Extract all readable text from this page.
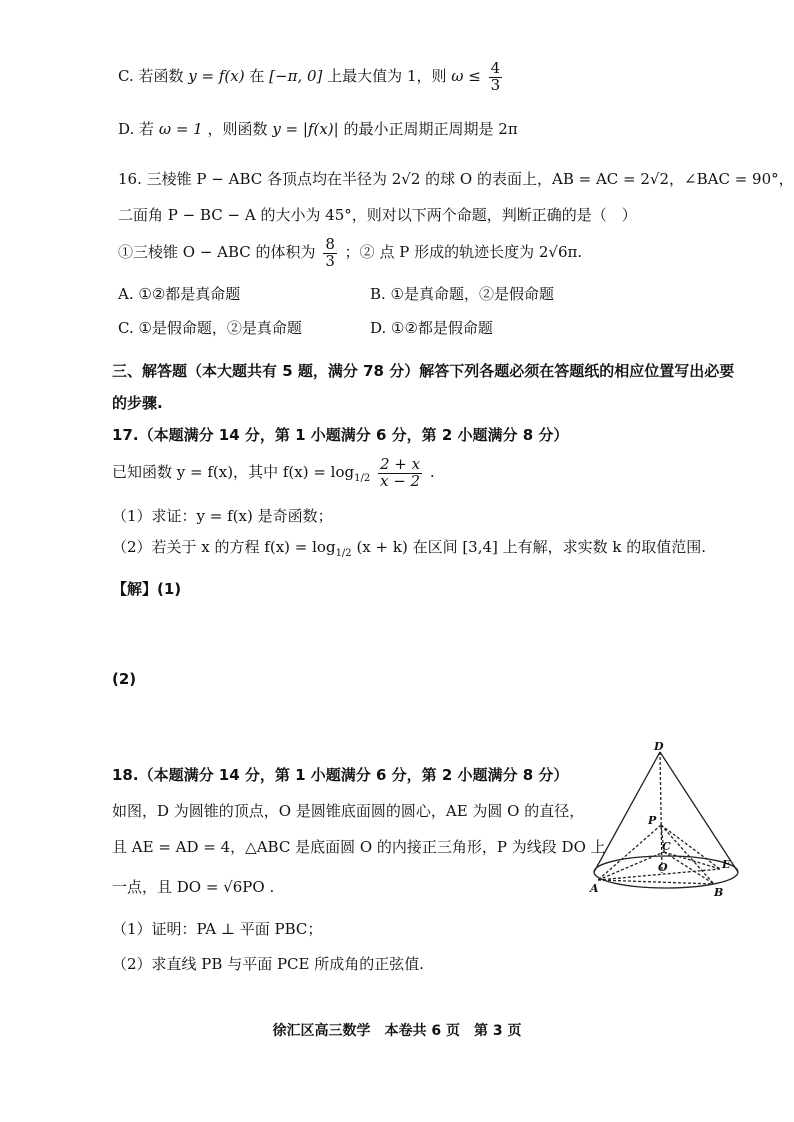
C. 若函数 y = f(x) 在 [−π, 0] 上最大值为 1，则 $\omega \le \frac{4}{3}$
D. 若 ω = 1 ，则函数 y = |f(x)| 的最小正周期正周期是 2π
16. 三棱锥 P − ABC 各顶点均在半径为 2√2 的球 O 的表面上，AB = AC = 2√2，∠BAC = 90°，
二面角 P − BC − A 的大小为 45°，则对以下两个命题，判断正确的是（　）
①三棱锥 O − ABC 的体积为 $\frac{8}{3}$ ；② 点 P 形成的轨迹长度为 2√6π.
A. ①②都是真命题	B. ①是真命题，②是假命题
C. ①是假命题，②是真命题	D. ①②都是假命题
三、解答题（本大题共有 5 题，满分 78 分）解答下列各题必须在答题纸的相应位置写出必要
的步骤.
17.（本题满分 14 分，第 1 小题满分 6 分，第 2 小题满分 8 分）
已知函数 y = f(x)，其中 $f(x) = \log_{1/2} \frac{2 + x}{x - 2}$ .
（1）求证：y = f(x) 是奇函数；
（2）若关于 x 的方程 $f(x) = \log_{1/2} (x + k)$ 在区间 [3,4] 上有解，求实数 k 的取值范围.
【解】(1)
(2)
18.（本题满分 14 分，第 1 小题满分 6 分，第 2 小题满分 8 分）
如图，D 为圆锥的顶点，O 是圆锥底面圆的圆心，AE 为圆 O 的直径，
且 AE = AD = 4，△ABC 是底面圆 O 的内接正三角形，P 为线段 DO 上
一点，且 DO = √6PO .
（1）证明：PA ⊥ 平面 PBC；
（2）求直线 PB 与平面 PCE 所成角的正弦值.
D
P
C
O	E
A	B
徐汇区高三数学　本卷共 6 页　第 3 页
